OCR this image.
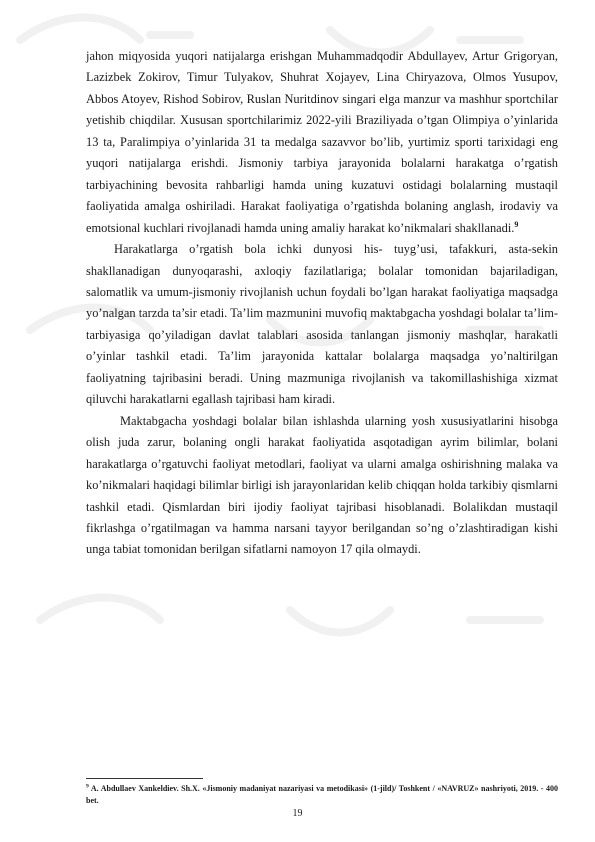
jahon miqyosida yuqori natijalarga erishgan Muhammadqodir Abdullayev, Artur Grigoryan, Lazizbek Zokirov, Timur Tulyakov, Shuhrat Xojayev, Lina Chiryazova, Olmos Yusupov, Abbos Atoyev, Rishod Sobirov, Ruslan Nuritdinov singari elga manzur va mashhur sportchilar yetishib chiqdilar. Xususan sportchilarimiz 2022-yili Braziliyada o’tgan Olimpiya o’yinlarida 13 ta, Paralimpiya o’yinlarida 31 ta medalga sazavvor bo’lib, yurtimiz sporti tarixidagi eng yuqori natijalarga erishdi. Jismoniy tarbiya jarayonida bolalarni harakatga o’rgatish tarbiyachining bevosita rahbarligi hamda uning kuzatuvi ostidagi bolalarning mustaqil faoliyatida amalga oshiriladi. Harakat faoliyatiga o’rgatishda bolaning anglash, irodaviy va emotsional kuchlari rivojlanadi hamda uning amaliy harakat ko’nikmalari shakllanadi.$^9$

Harakatlarga o’rgatish bola ichki dunyosi his- tuyg’usi, tafakkuri, asta-sekin shakllanadigan dunyoqarashi, axloqiy fazilatlariga; bolalar tomonidan bajariladigan, salomatlik va umum-jismoniy rivojlanish uchun foydali bo’lgan harakat faoliyatiga maqsadga yo’nalgan tarzda ta’sir etadi. Ta’lim mazmunini muvofiq maktabgacha yoshdagi bolalar ta’lim-tarbiyasiga qo’yiladigan davlat talablari asosida tanlangan jismoniy mashqlar, harakatli o’yinlar tashkil etadi. Ta’lim jarayonida kattalar bolalarga maqsadga yo’naltirilgan faoliyatning tajribasini beradi. Uning mazmuniga rivojlanish va takomillashishiga xizmat qiluvchi harakatlarni egallash tajribasi ham kiradi.

Maktabgacha yoshdagi bolalar bilan ishlashda ularning yosh xususiyatlarini hisobga olish juda zarur, bolaning ongli harakat faoliyatida asqotadigan ayrim bilimlar, bolani harakatlarga o’rgatuvchi faoliyat metodlari, faoliyat va ularni amalga oshirishning malaka va ko’nikmalari haqidagi bilimlar birligi ish jarayonlaridan kelib chiqqan holda tarkibiy qismlarni tashkil etadi. Qismlardan biri ijodiy faoliyat tajribasi hisoblanadi. Bolalikdan mustaqil fikrlashga o’rgatilmagan va hamma narsani tayyor berilgandan so’ng o’zlashtiradigan kishi unga tabiat tomonidan berilgan sifatlarni namoyon 17 qila olmaydi.

$^9$ A. Abdullaev Xankeldiev. Sh.X. «Jismoniy madaniyat nazariyasi va metodikasi» (1-jild)/ Toshkent / «NAVRUZ» nashriyoti, 2019. - 400 bet.

19
